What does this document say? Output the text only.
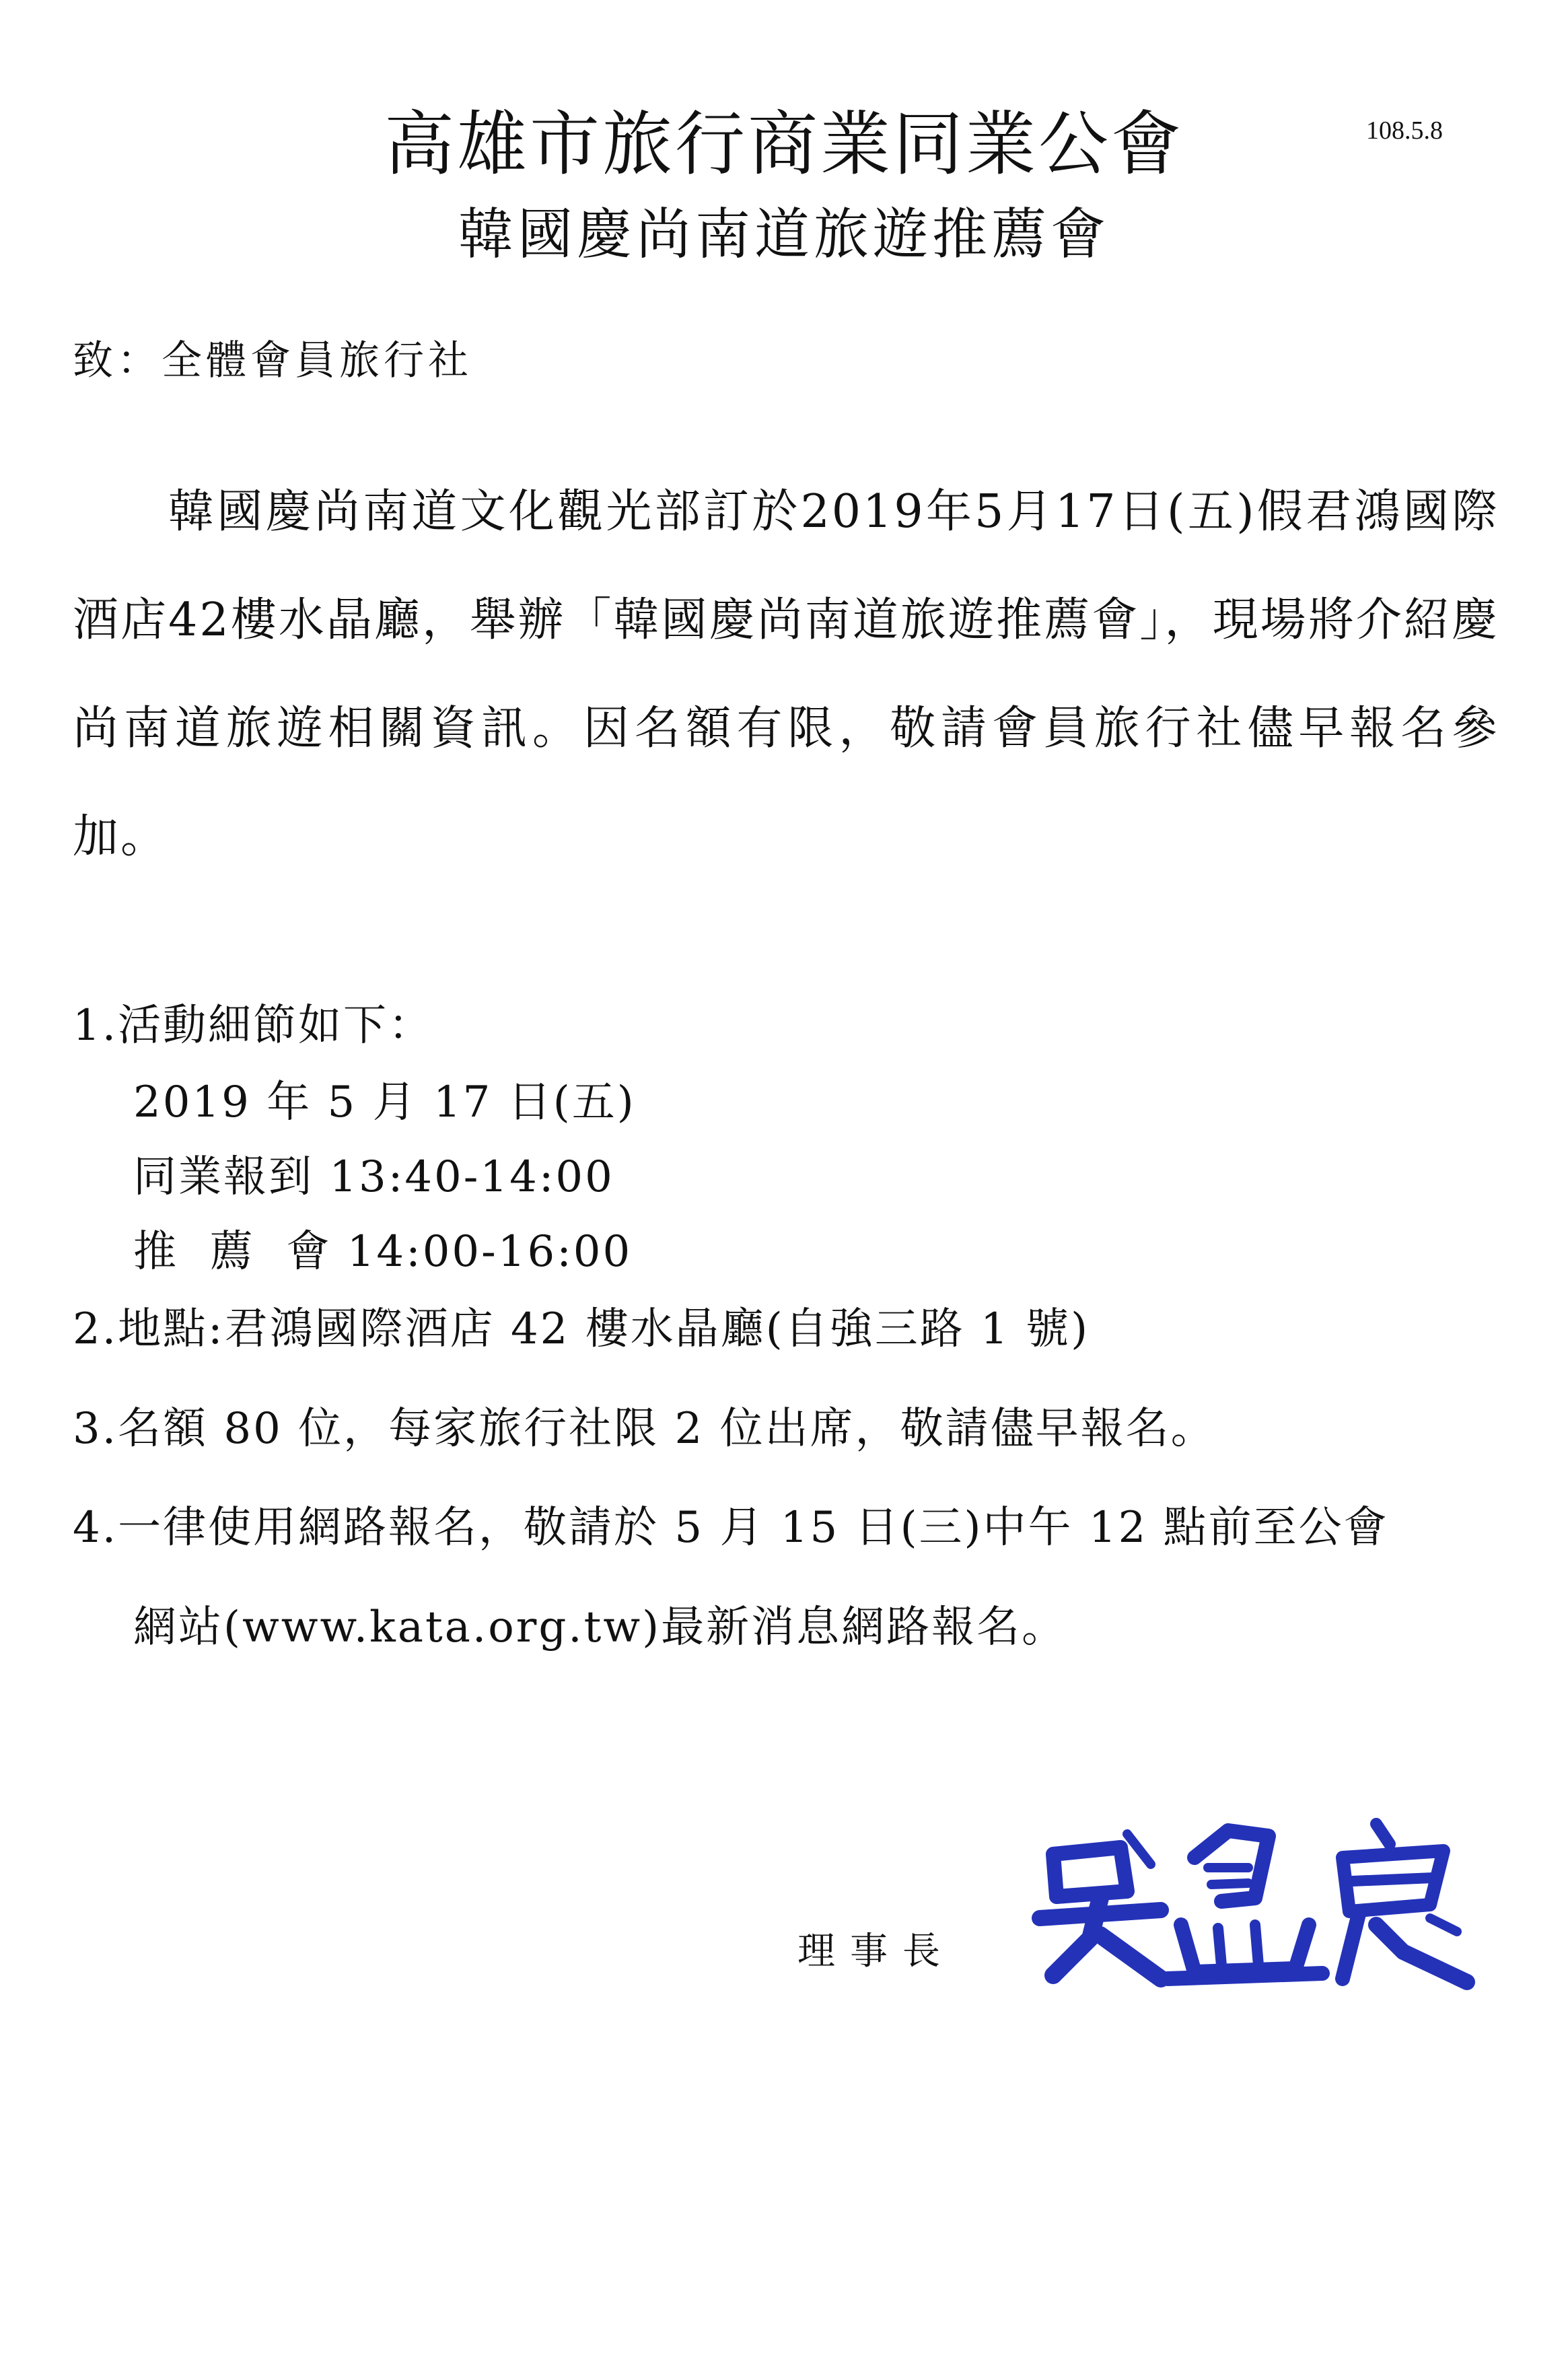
高雄市旅行商業同業公會	108.5.8
韓國慶尚南道旅遊推薦會
致：全體會員旅行社
韓國慶尚南道文化觀光部訂於2019年5月17日(五)假君鴻國際酒店42樓水晶廳，舉辦「韓國慶尚南道旅遊推薦會」，現場將介紹慶尚南道旅遊相關資訊。因名額有限，敬請會員旅行社儘早報名參加。
1.活動細節如下：
2019 年 5 月 17 日(五)
同業報到 13:40-14:00
推  薦  會 14:00-16:00
2.地點:君鴻國際酒店 42 樓水晶廳(自強三路 1 號)
3.名額 80 位，每家旅行社限 2 位出席，敬請儘早報名。
4.一律使用網路報名，敬請於 5 月 15 日(三)中午 12 點前至公會
網站(www.kata.org.tw)最新消息網路報名。
理事長
